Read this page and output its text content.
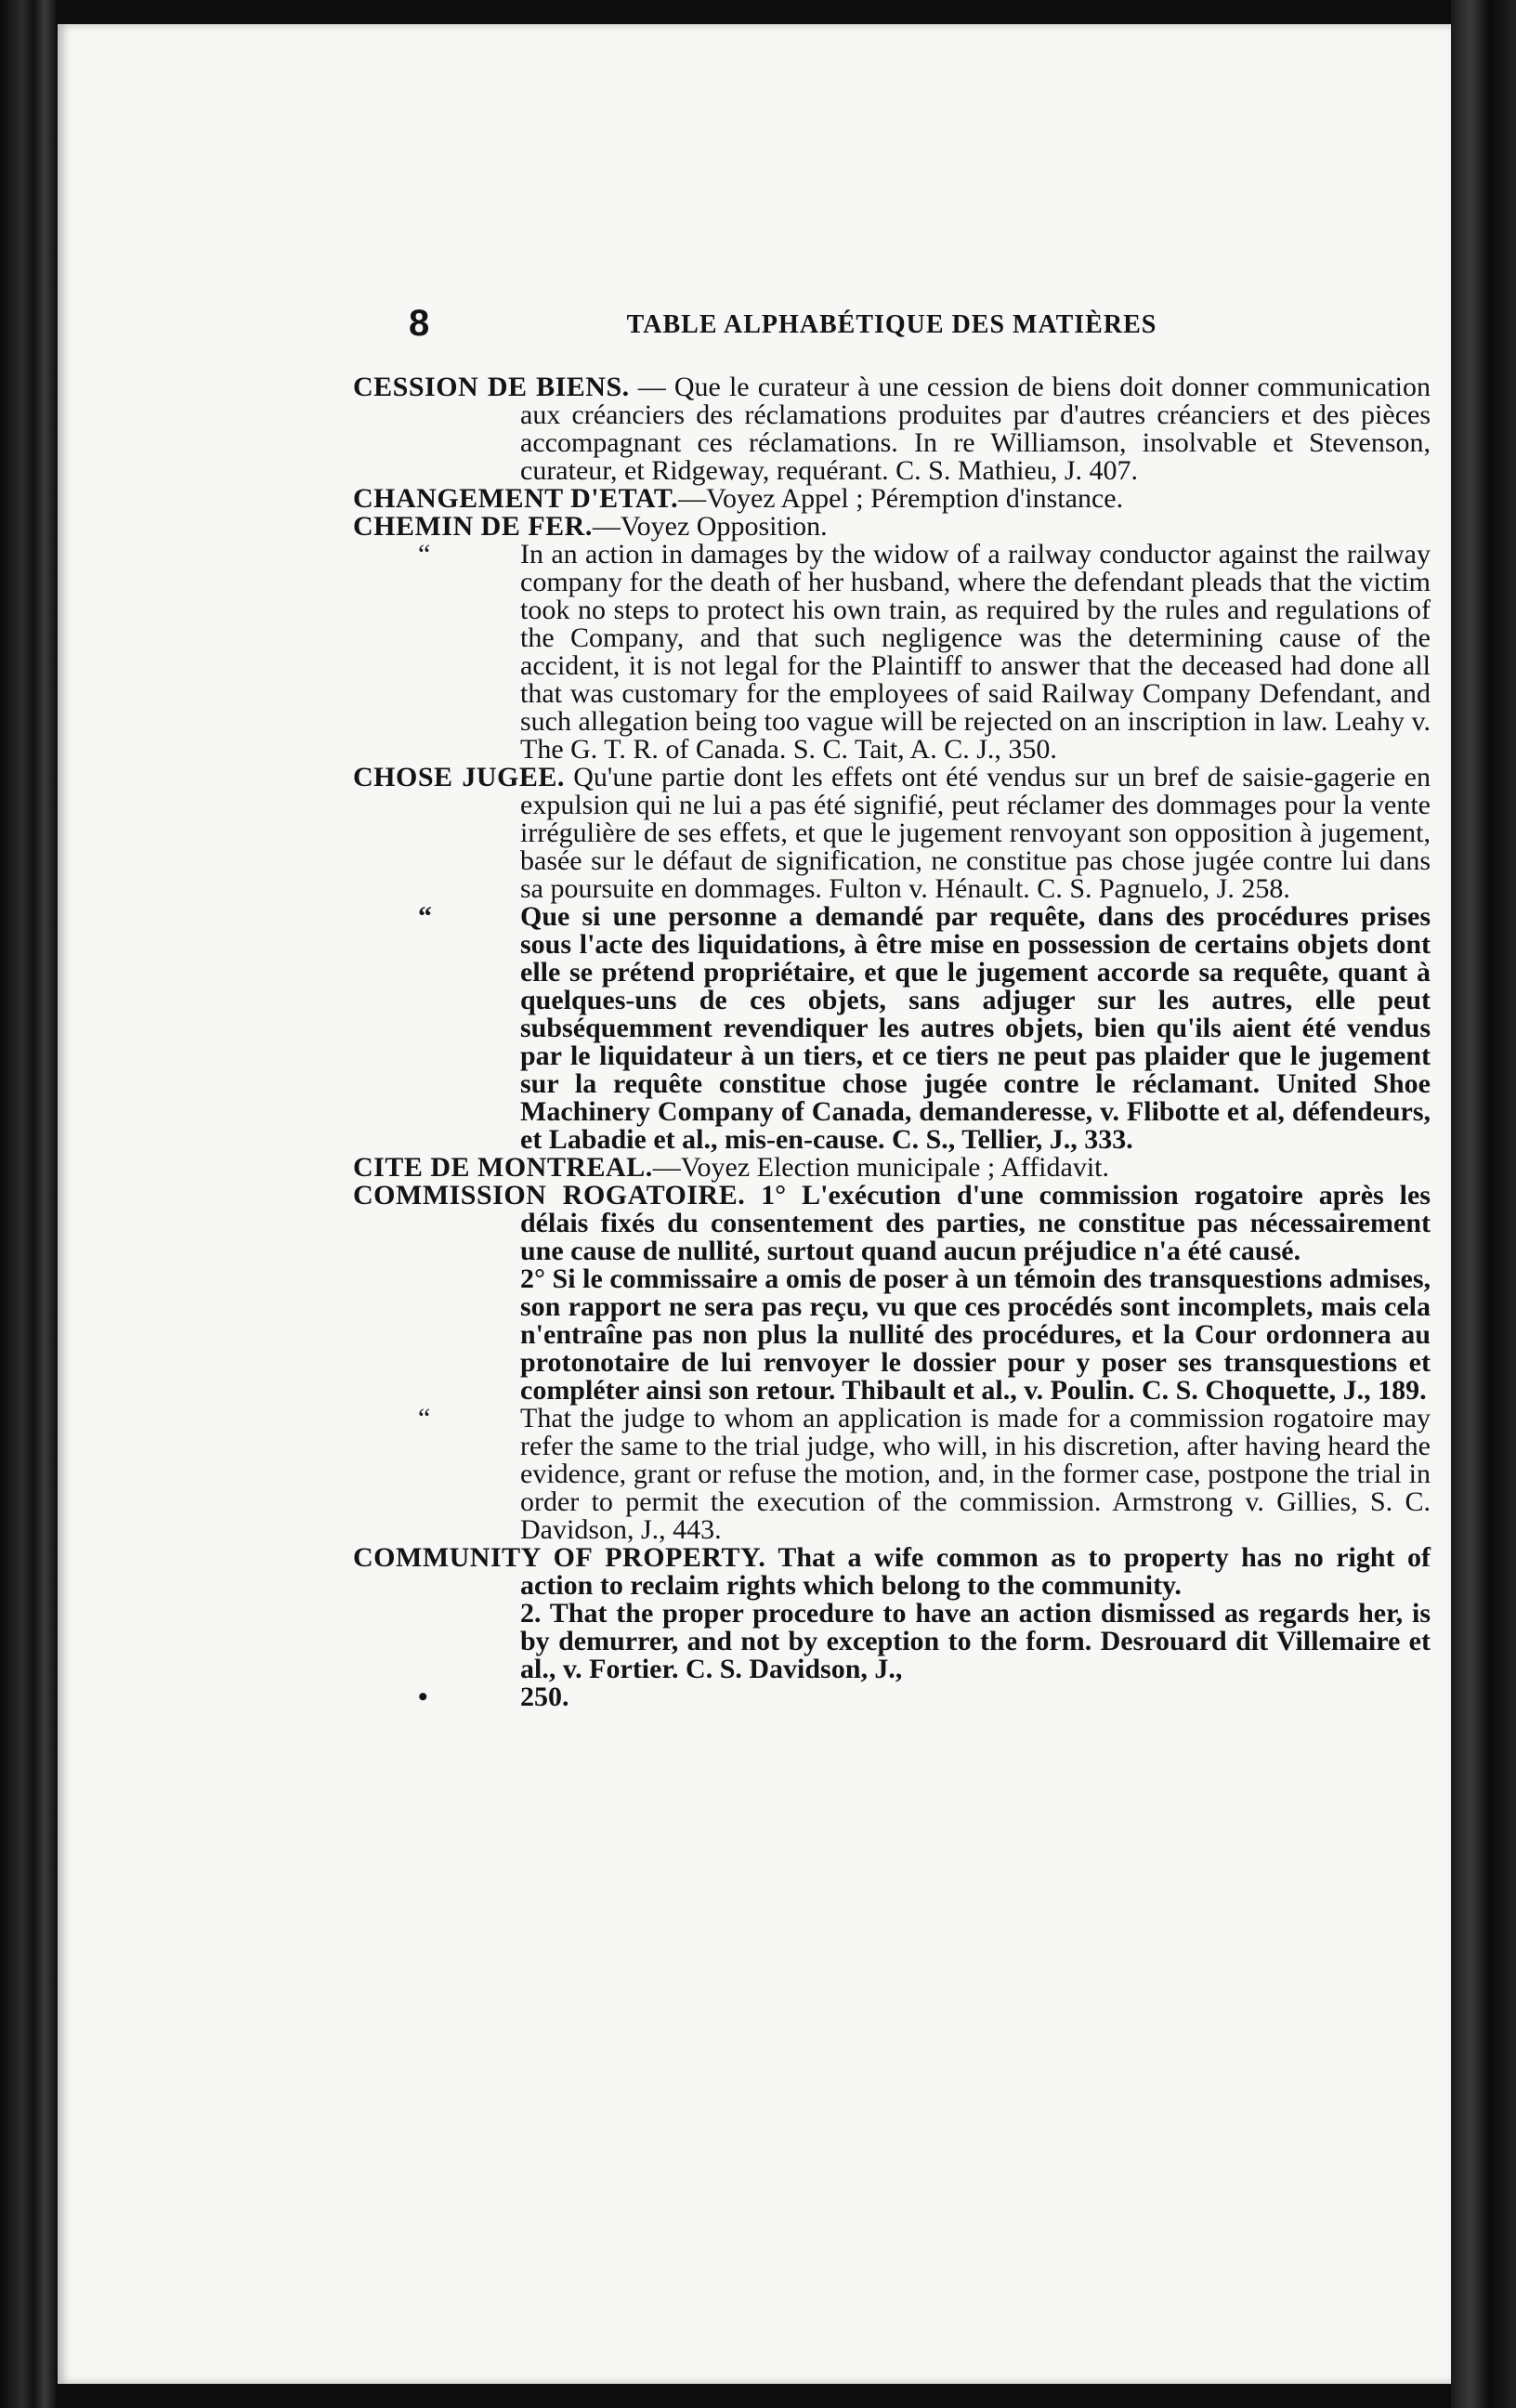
8	TABLE ALPHABÉTIQUE DES MATIÈRES

CESSION DE BIENS. — Que le curateur à une cession de biens doit donner communication aux créanciers des réclamations produites par d'autres créanciers et des pièces accompagnant ces réclamations. In re Williamson, insolvable et Stevenson, curateur, et Ridgeway, requérant. C. S. Mathieu, J. 407.

CHANGEMENT D'ETAT.—Voyez Appel ; Péremption d'instance.

CHEMIN DE FER.—Voyez Opposition.

“	In an action in damages by the widow of a railway conductor against the railway company for the death of her husband, where the defendant pleads that the victim took no steps to protect his own train, as required by the rules and regulations of the Company, and that such negligence was the determining cause of the accident, it is not legal for the Plaintiff to answer that the deceased had done all that was customary for the employees of said Railway Company Defendant, and such allegation being too vague will be rejected on an inscription in law. Leahy v. The G. T. R. of Canada. S. C. Tait, A. C. J., 350.

CHOSE JUGEE. Qu'une partie dont les effets ont été vendus sur un bref de saisie-gagerie en expulsion qui ne lui a pas été signifié, peut réclamer des dommages pour la vente irrégulière de ses effets, et que le jugement renvoyant son opposition à jugement, basée sur le défaut de signification, ne constitue pas chose jugée contre lui dans sa poursuite en dommages. Fulton v. Hénault. C. S. Pagnuelo, J. 258.

“	Que si une personne a demandé par requête, dans des procédures prises sous l'acte des liquidations, à être mise en possession de certains objets dont elle se prétend propriétaire, et que le jugement accorde sa requête, quant à quelques-uns de ces objets, sans adjuger sur les autres, elle peut subséquemment revendiquer les autres objets, bien qu'ils aient été vendus par le liquidateur à un tiers, et ce tiers ne peut pas plaider que le jugement sur la requête constitue chose jugée contre le réclamant. United Shoe Machinery Company of Canada, demanderesse, v. Flibotte et al, défendeurs, et Labadie et al., mis-en-cause. C. S., Tellier, J., 333.

CITE DE MONTREAL.—Voyez Election municipale ; Affidavit.

COMMISSION ROGATOIRE. 1° L'exécution d'une commission rogatoire après les délais fixés du consentement des parties, ne constitue pas nécessairement une cause de nullité, surtout quand aucun préjudice n'a été causé.

2° Si le commissaire a omis de poser à un témoin des transquestions admises, son rapport ne sera pas reçu, vu que ces procédés sont incomplets, mais cela n'entraîne pas non plus la nullité des procédures, et la Cour ordonnera au protonotaire de lui renvoyer le dossier pour y poser ses transquestions et compléter ainsi son retour. Thibault et al., v. Poulin. C. S. Choquette, J., 189.

“	That the judge to whom an application is made for a commission rogatoire may refer the same to the trial judge, who will, in his discretion, after having heard the evidence, grant or refuse the motion, and, in the former case, postpone the trial in order to permit the execution of the commission. Armstrong v. Gillies, S. C. Davidson, J., 443.

COMMUNITY OF PROPERTY. That a wife common as to property has no right of action to reclaim rights which belong to the community.

2. That the proper procedure to have an action dismissed as regards her, is by demurrer, and not by exception to the form. Desrouard dit Villemaire et al., v. Fortier. C. S. Davidson, J.,

•	250.
